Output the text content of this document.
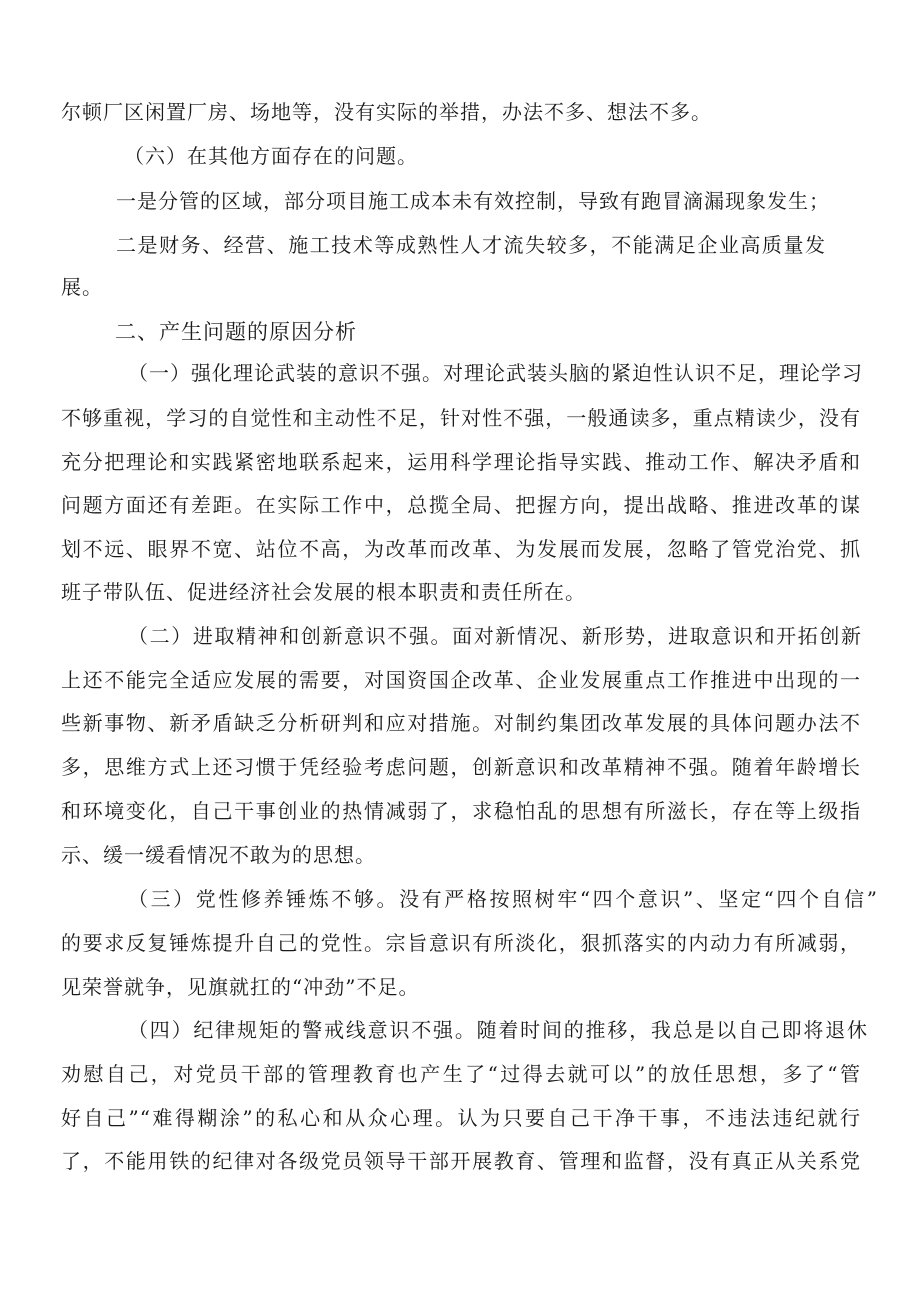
尔顿厂区闲置厂房、场地等，没有实际的举措，办法不多、想法不多。
（六）在其他方面存在的问题。
一是分管的区域，部分项目施工成本未有效控制，导致有跑冒滴漏现象发生；
二是财务、经营、施工技术等成熟性人才流失较多，不能满足企业高质量发
展。
二、产生问题的原因分析
（一）强化理论武装的意识不强。对理论武装头脑的紧迫性认识不足，理论学习
不够重视，学习的自觉性和主动性不足，针对性不强，一般通读多，重点精读少，没有
充分把理论和实践紧密地联系起来，运用科学理论指导实践、推动工作、解决矛盾和
问题方面还有差距。在实际工作中，总揽全局、把握方向，提出战略、推进改革的谋
划不远、眼界不宽、站位不高，为改革而改革、为发展而发展，忽略了管党治党、抓
班子带队伍、促进经济社会发展的根本职责和责任所在。
（二）进取精神和创新意识不强。面对新情况、新形势，进取意识和开拓创新
上还不能完全适应发展的需要，对国资国企改革、企业发展重点工作推进中出现的一
些新事物、新矛盾缺乏分析研判和应对措施。对制约集团改革发展的具体问题办法不
多，思维方式上还习惯于凭经验考虑问题，创新意识和改革精神不强。随着年龄增长
和环境变化，自己干事创业的热情减弱了，求稳怕乱的思想有所滋长，存在等上级指
示、缓一缓看情况不敢为的思想。
（三）党性修养锤炼不够。没有严格按照树牢“四个意识”、坚定“四个自信”
的要求反复锤炼提升自己的党性。宗旨意识有所淡化，狠抓落实的内动力有所减弱，
见荣誉就争，见旗就扛的“冲劲”不足。
（四）纪律规矩的警戒线意识不强。随着时间的推移，我总是以自己即将退休
劝慰自己，对党员干部的管理教育也产生了“过得去就可以”的放任思想，多了“管
好自己”“难得糊涂”的私心和从众心理。认为只要自己干净干事，不违法违纪就行
了，不能用铁的纪律对各级党员领导干部开展教育、管理和监督，没有真正从关系党
